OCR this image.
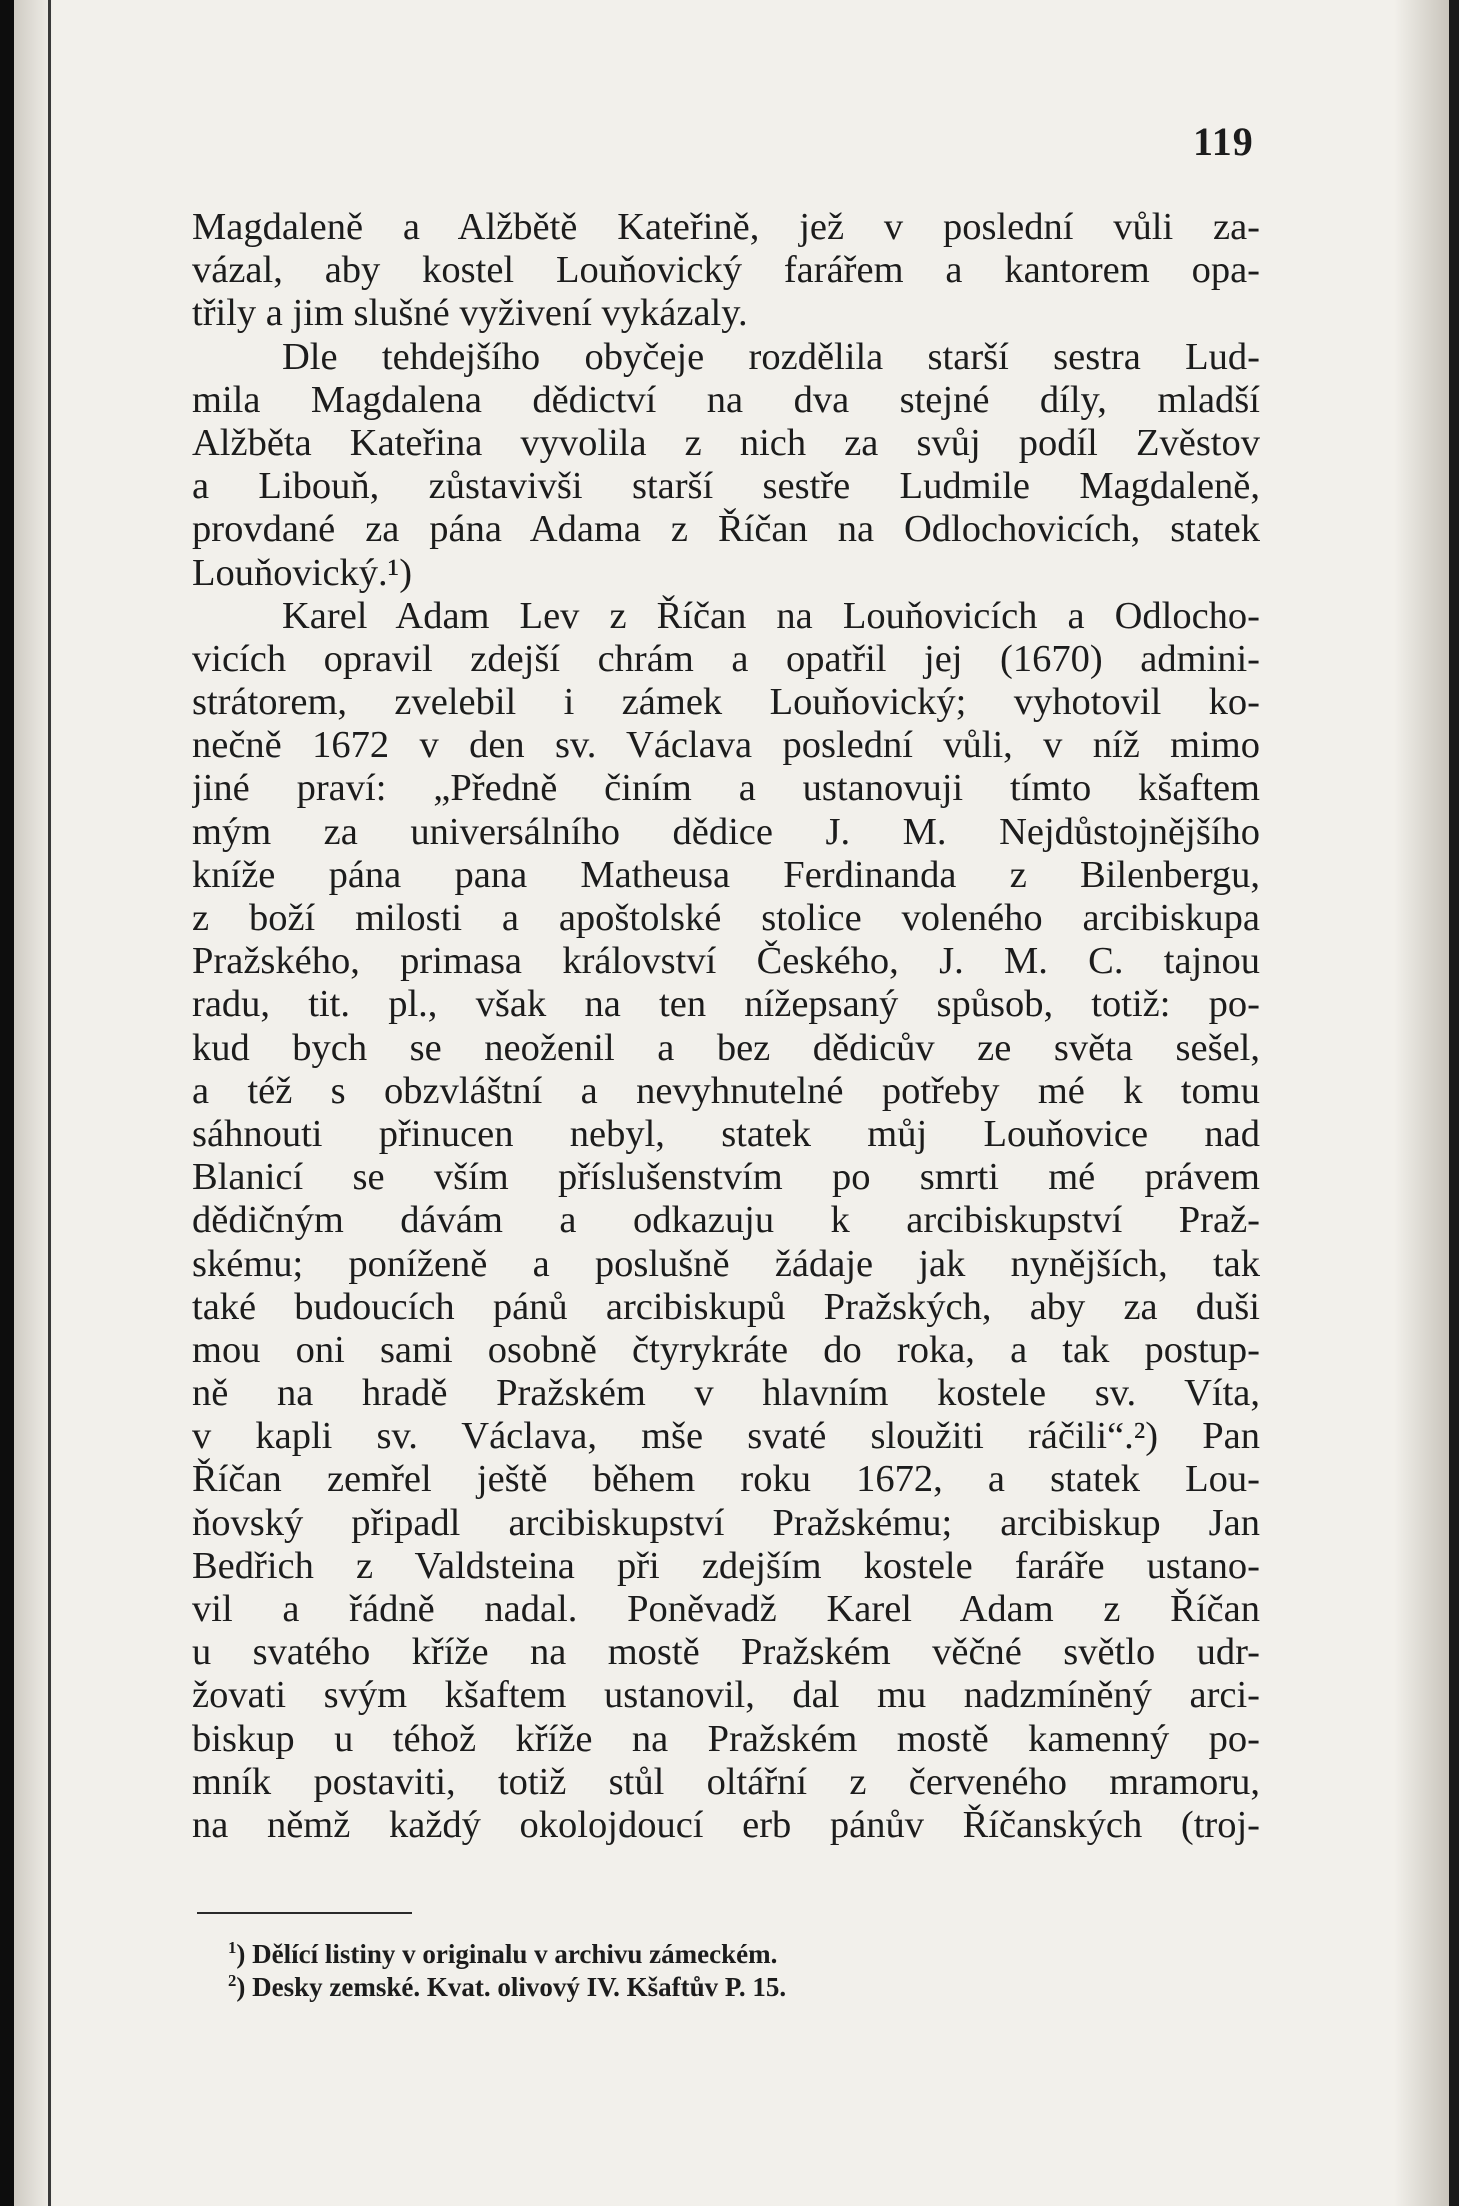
119
Magdaleně a Alžbětě Kateřině, jež v poslední vůli za-
vázal, aby kostel Louňovický farářem a kantorem opa-
třily a jim slušné vyživení vykázaly.
Dle tehdejšího obyčeje rozdělila starší sestra Lud-
mila Magdalena dědictví na dva stejné díly, mladší
Alžběta Kateřina vyvolila z nich za svůj podíl Zvěstov
a Libouň, zůstavivši starší sestře Ludmile Magdaleně,
provdané za pána Adama z Říčan na Odlochovicích, statek
Louňovický.¹)
Karel Adam Lev z Říčan na Louňovicích a Odlocho-
vicích opravil zdejší chrám a opatřil jej (1670) admini-
strátorem, zvelebil i zámek Louňovický; vyhotovil ko-
nečně 1672 v den sv. Václava poslední vůli, v níž mimo
jiné praví: „Předně činím a ustanovuji tímto kšaftem
mým za universálního dědice J. M. Nejdůstojnějšího
kníže pána pana Matheusa Ferdinanda z Bilenbergu,
z boží milosti a apoštolské stolice voleného arcibiskupa
Pražského, primasa království Českého, J. M. C. tajnou
radu, tit. pl., však na ten níže​psaný spůsob, totiž: po-
kud bych se neoženil a bez dědicův ze světa sešel,
a též s obzvláštní a nevyhnutelné potřeby mé k tomu
sáhnouti přinucen nebyl, statek můj Louňovice nad
Blanicí se vším příslušenstvím po smrti mé právem
dědičným dávám a odkazuju k arcibiskupství Praž-
skému; poníženě a poslušně žádaje jak nynějších, tak
také budoucích pánů arcibiskupů Pražských, aby za duši
mou oni sami osobně čtyrykráte do roka, a tak postup-
ně na hradě Pražském v hlavním kostele sv. Víta,
v kapli sv. Václava, mše svaté sloužiti ráčili“.²) Pan
Říčan zemřel ještě během roku 1672, a statek Lou-
ňovský připadl arcibiskupství Pražskému; arcibiskup Jan
Bedřich z Valdsteina při zdejším kostele faráře ustano-
vil a řádně nadal. Poněvadž Karel Adam z Říčan
u svatého kříže na mostě Pražském věčné světlo udr-
žovati svým kšaftem ustanovil, dal mu nadzmíněný arci-
biskup u téhož kříže na Pražském mostě kamenný po-
mník postaviti, totiž stůl oltářní z červeného mramoru,
na němž každý okolojdoucí erb pánův Říčanských (troj-
$^1$) Dělící listiny v originalu v archivu zámeckém.
$^2$) Desky zemské. Kvat. olivový IV. Kšaftův P. 15.
